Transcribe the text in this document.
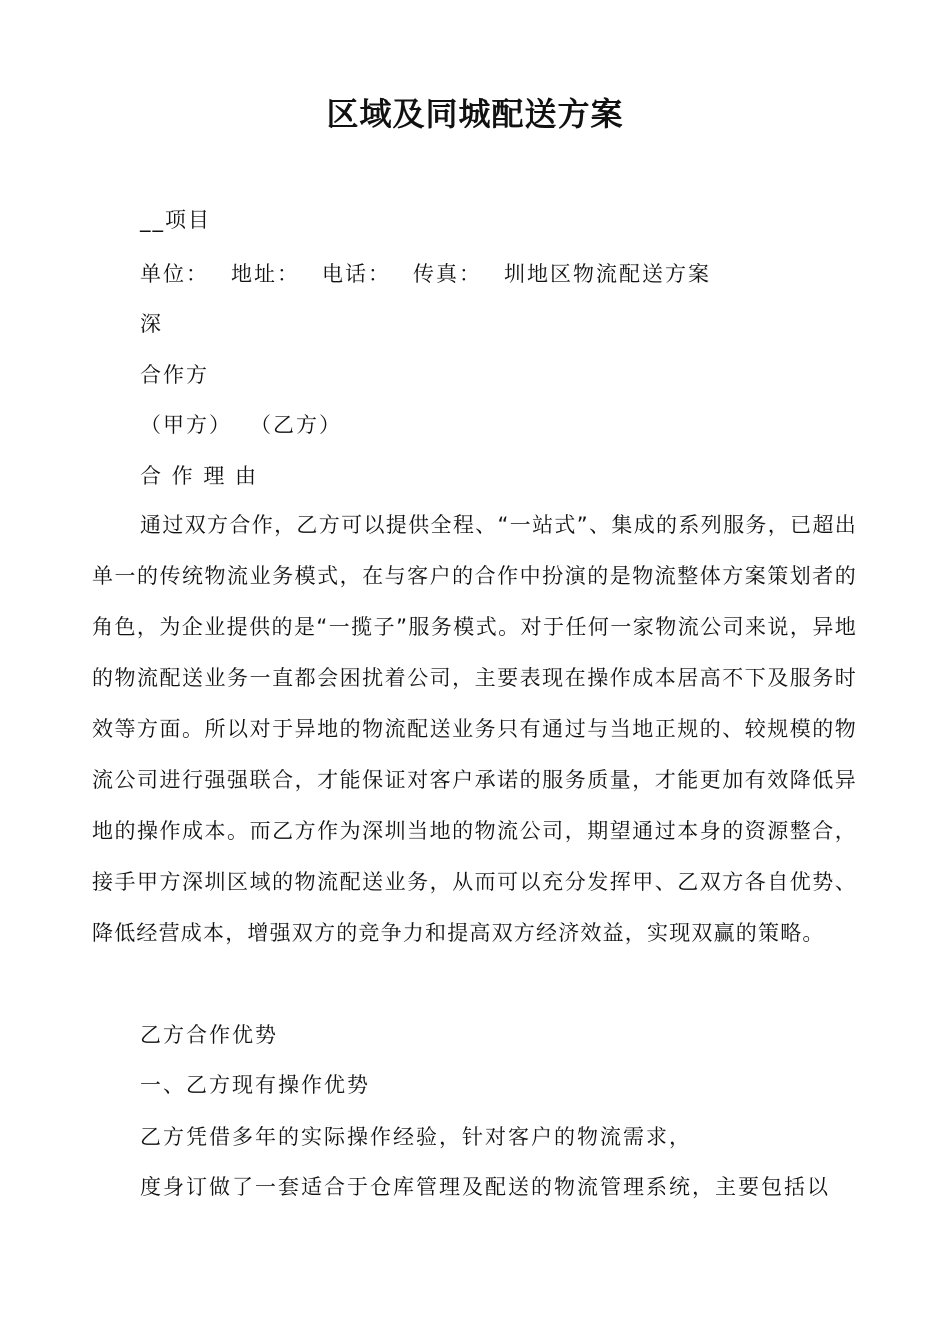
区域及同城配送方案
__项目
单位： 地址： 电话： 传真： 圳地区物流配送方案
深
合作方
（甲方） （乙方）
合 作 理 由
通过双方合作，乙方可以提供全程、“一站式”、集成的系列服务，已超出单一的传统物流业务模式，在与客户的合作中扮演的是物流整体方案策划者的角色，为企业提供的是“一揽子”服务模式。对于任何一家物流公司来说，异地的物流配送业务一直都会困扰着公司，主要表现在操作成本居高不下及服务时效等方面。所以对于异地的物流配送业务只有通过与当地正规的、较规模的物流公司进行强强联合，才能保证对客户承诺的服务质量，才能更加有效降低异地的操作成本。而乙方作为深圳当地的物流公司，期望通过本身的资源整合，接手甲方深圳区域的物流配送业务，从而可以充分发挥甲、乙双方各自优势、降低经营成本，增强双方的竞争力和提高双方经济效益，实现双赢的策略。
乙方合作优势
一、乙方现有操作优势
乙方凭借多年的实际操作经验，针对客户的物流需求，
度身订做了一套适合于仓库管理及配送的物流管理系统，主要包括以
